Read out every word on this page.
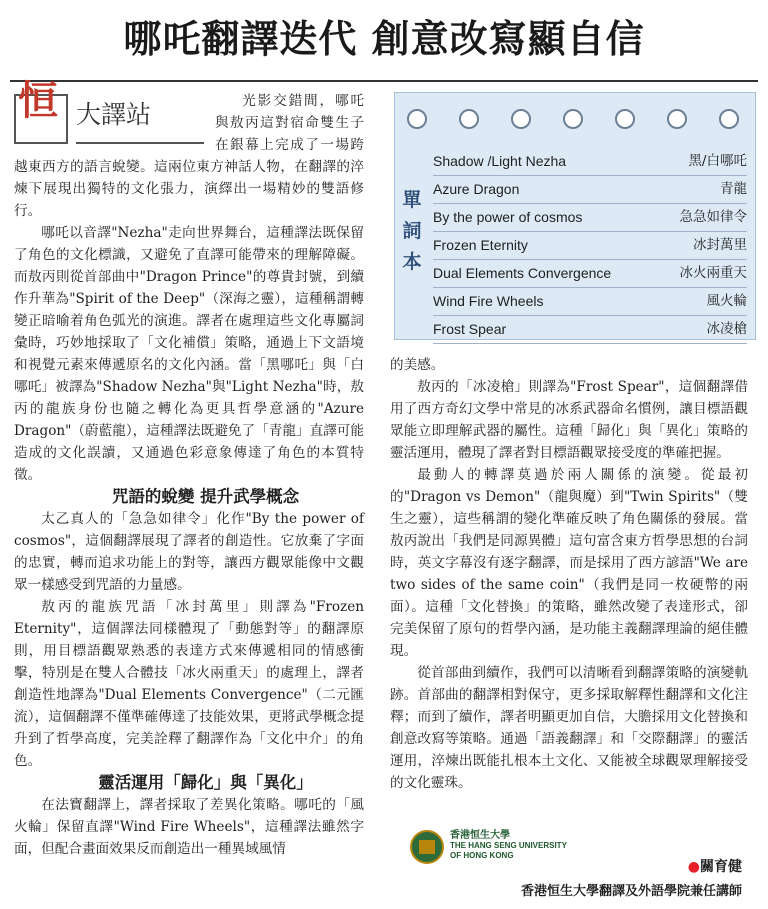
哪吒翻譯迭代 創意改寫顯自信
恒 大譯站	光影交錯間，哪吒與敖丙這對宿命雙生子在銀幕上完成了一場跨越東西方的語言蛻變。這兩位東方神話人物，在翻譯的淬煉下展現出獨特的文化張力，演繹出一場精妙的雙語修行。

哪吒以音譯"Nezha"走向世界舞台，這種譯法既保留了角色的文化標識，又避免了直譯可能帶來的理解障礙。而敖丙則從首部曲中"Dragon Prince"的尊貴封號，到續作升華為"Spirit of the Deep"（深海之靈），這種稱謂轉變正暗喻着角色弧光的演進。譯者在處理這些文化專屬詞彙時，巧妙地採取了「文化補償」策略，通過上下文語境和視覺元素來傳遞原名的文化內涵。當「黑哪吒」與「白哪吒」被譯為"Shadow Nezha"與"Light Nezha"時，敖丙的龍族身份也隨之轉化為更具哲學意涵的"Azure Dragon"（蔚藍龍），這種譯法既避免了「青龍」直譯可能造成的文化誤讀，又通過色彩意象傳達了角色的本質特徵。

咒語的蛻變 提升武學概念

太乙真人的「急急如律令」化作"By the power of cosmos"，這個翻譯展現了譯者的創造性。它放棄了字面的忠實，轉而追求功能上的對等，讓西方觀眾能像中文觀眾一樣感受到咒語的力量感。

敖丙的龍族咒語「冰封萬里」則譯為"Frozen Eternity"，這個譯法同樣體現了「動態對等」的翻譯原則，用目標語觀眾熟悉的表達方式來傳遞相同的情感衝擊，特別是在雙人合體技「冰火兩重天」的處理上，譯者創造性地譯為"Dual Elements Convergence"（二元匯流），這個翻譯不僅準確傳達了技能效果，更將武學概念提升到了哲學高度，完美詮釋了翻譯作為「文化中介」的角色。

靈活運用「歸化」與「異化」

在法寶翻譯上，譯者採取了差異化策略。哪吒的「風火輪」保留直譯"Wind Fire Wheels"，這種譯法雖然字面，但配合畫面效果反而創造出一種異域風情

單詞本
Shadow /Light Nezha	黑/白哪吒
Azure Dragon	青龍
By the power of cosmos	急急如律令
Frozen Eternity	冰封萬里
Dual Elements Convergence	冰火兩重天
Wind Fire Wheels	風火輪
Frost Spear	冰凌槍

的美感。

敖丙的「冰凌槍」則譯為"Frost Spear"，這個翻譯借用了西方奇幻文學中常見的冰系武器命名慣例，讓目標語觀眾能立即理解武器的屬性。這種「歸化」與「異化」策略的靈活運用，體現了譯者對目標語觀眾接受度的準確把握。

最動人的轉譯莫過於兩人關係的演變。從最初的"Dragon vs Demon"（龍與魔）到"Twin Spirits"（雙生之靈），這些稱謂的變化準確反映了角色關係的發展。當敖丙說出「我們是同源異體」這句富含東方哲學思想的台詞時，英文字幕沒有逐字翻譯，而是採用了西方諺語"We are two sides of the same coin"（我們是同一枚硬幣的兩面）。這種「文化替換」的策略，雖然改變了表達形式，卻完美保留了原句的哲學內涵，是功能主義翻譯理論的絕佳體現。

從首部曲到續作，我們可以清晰看到翻譯策略的演變軌跡。首部曲的翻譯相對保守，更多採取解釋性翻譯和文化注釋；而到了續作，譯者明顯更加自信，大膽採用文化替換和創意改寫等策略。通過「語義翻譯」和「交際翻譯」的靈活運用，淬煉出既能扎根本土文化、又能被全球觀眾理解接受的文化靈珠。

香港恒生大學
THE HANG SENG UNIVERSITY
OF HONG KONG
●關育健
香港恒生大學翻譯及外語學院兼任講師
